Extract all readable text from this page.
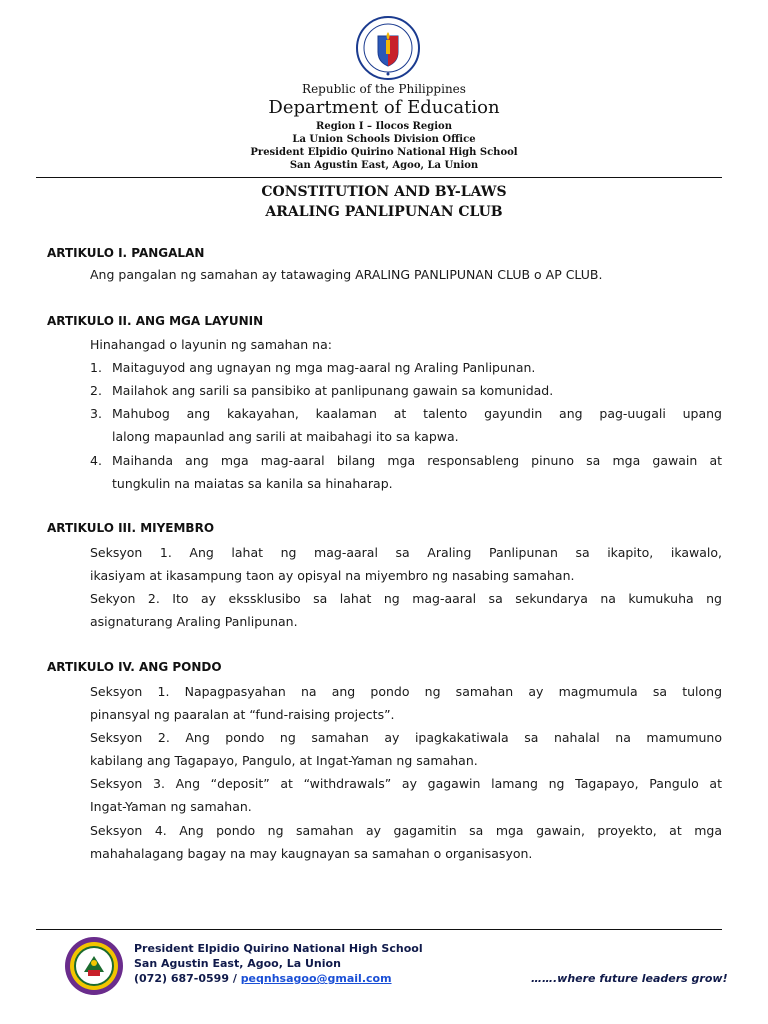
Republic of the Philippines
Department of Education
Region I – Ilocos Region
La Union Schools Division Office
President Elpidio Quirino National High School
San Agustin East, Agoo, La Union
CONSTITUTION AND BY-LAWS
ARALING PANLIPUNAN CLUB
ARTIKULO I. PANGALAN
Ang pangalan ng samahan ay tatawaging ARALING PANLIPUNAN CLUB o AP CLUB.
ARTIKULO II. ANG MGA LAYUNIN
Hinahangad o layunin ng samahan na:
1. Maitaguyod ang ugnayan ng mga mag-aaral ng Araling Panlipunan.
2. Mailahok ang sarili sa pansibiko at panlipunang gawain sa komunidad.
3. Mahubog ang kakayahan, kaalaman at talento gayundin ang pag-uugali upang
lalong mapaunlad ang sarili at maibahagi ito sa kapwa.
4. Maihanda ang mga mag-aaral bilang mga responsableng pinuno sa mga gawain at
tungkulin na maiatas sa kanila sa hinaharap.
ARTIKULO III. MIYEMBRO
Seksyon 1. Ang lahat ng mag-aaral sa Araling Panlipunan sa ikapito, ikawalo,
ikasiyam at ikasampung taon ay opisyal na miyembro ng nasabing samahan.
Sekyon 2. Ito ay ekssklusibo sa lahat ng mag-aaral sa sekundarya na kumukuha ng
asignaturang Araling Panlipunan.
ARTIKULO IV. ANG PONDO
Seksyon 1. Napagpasyahan na ang pondo ng samahan ay magmumula sa tulong
pinansyal ng paaralan at “fund-raising projects”.
Seksyon 2. Ang pondo ng samahan ay ipagkakatiwala sa nahalal na mamumuno
kabilang ang Tagapayo, Pangulo, at Ingat-Yaman ng samahan.
Seksyon 3. Ang “deposit” at “withdrawals” ay gagawin lamang ng Tagapayo, Pangulo at
Ingat-Yaman ng samahan.
Seksyon 4. Ang pondo ng samahan ay gagamitin sa mga gawain, proyekto, at mga
mahahalagang bagay na may kaugnayan sa samahan o organisasyon.
President Elpidio Quirino National High School
San Agustin East, Agoo, La Union
(072) 687-0599 / peqnhsagoo@gmail.com	…….where future leaders grow!
